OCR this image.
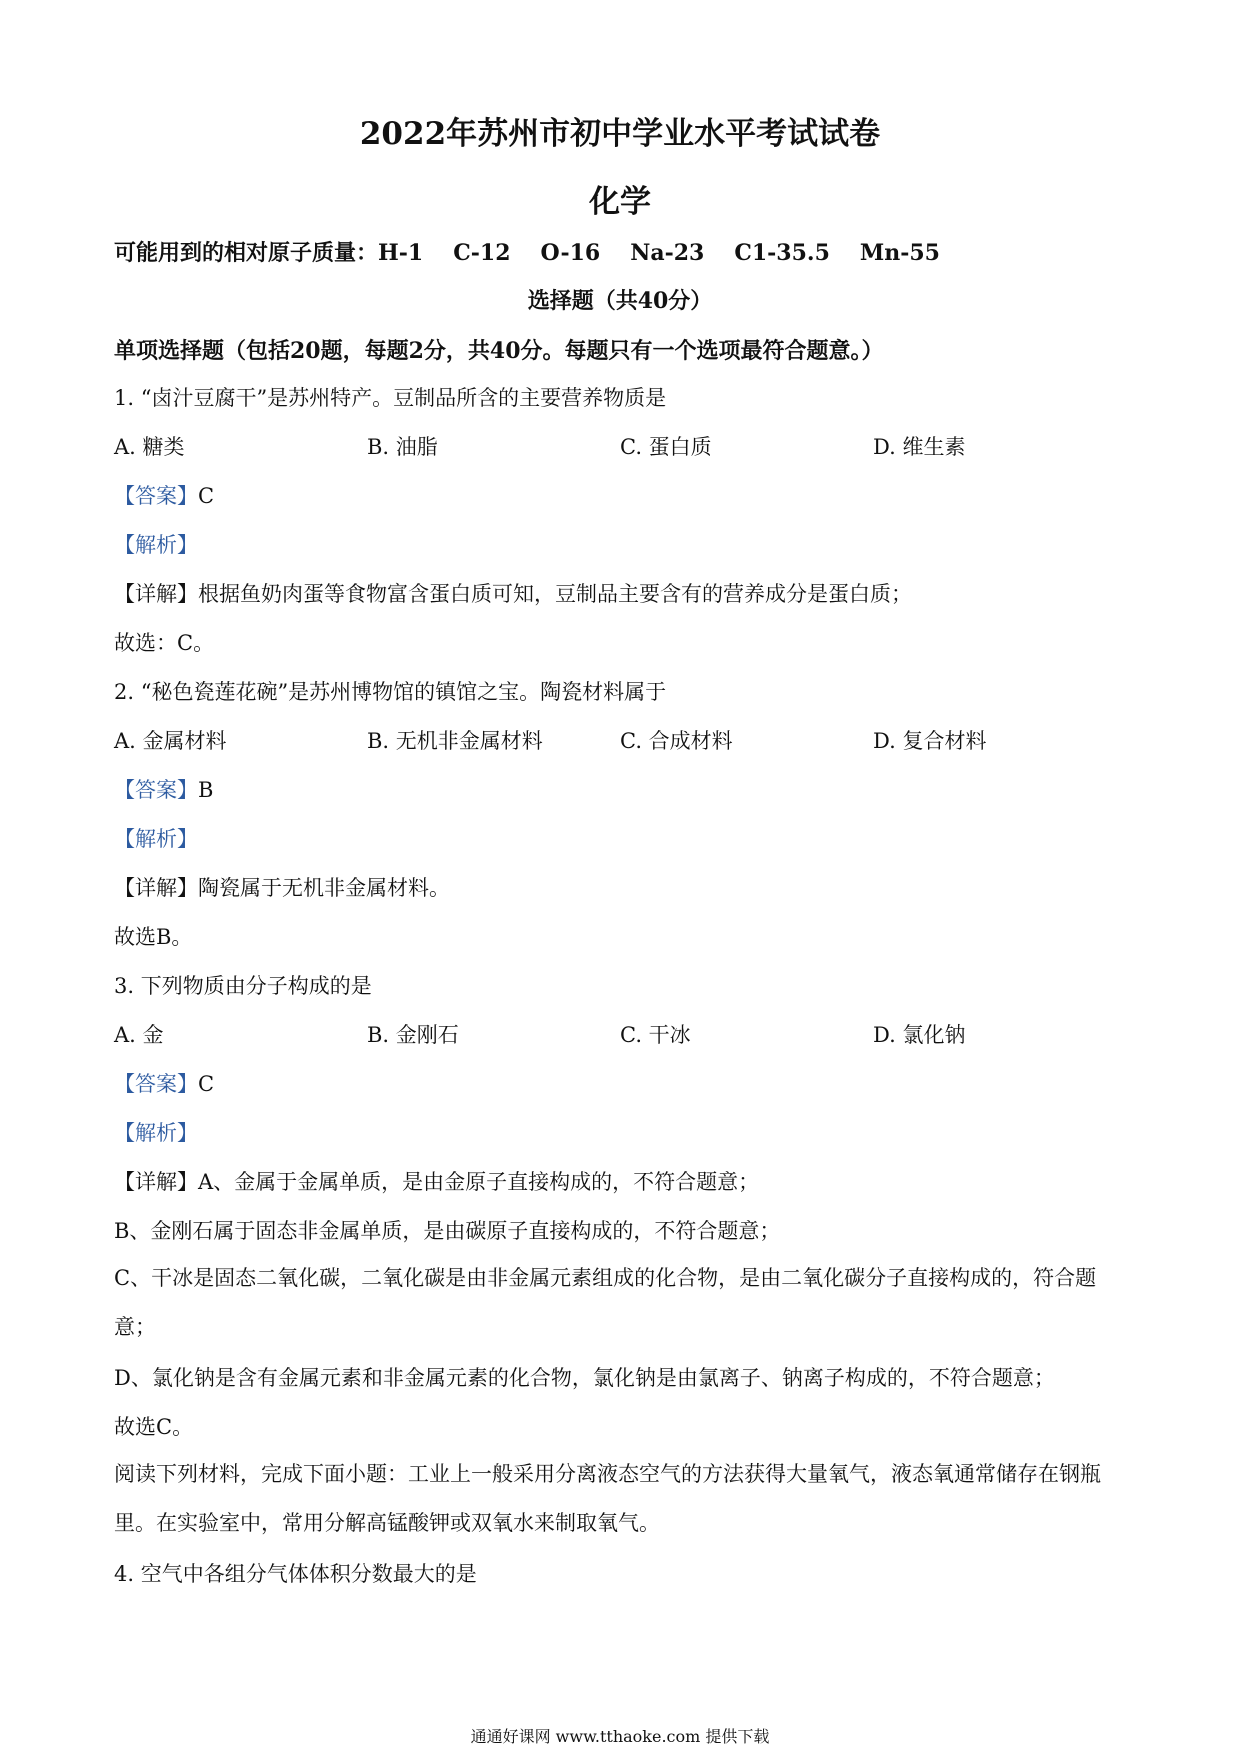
2022年苏州市初中学业水平考试试卷
化学
可能用到的相对原子质量：H-1 C-12 O-16 Na-23 C1-35.5 Mn-55
选择题（共40分）
单项选择题（包括20题，每题2分，共40分。每题只有一个选项最符合题意。）
1. “卤汁豆腐干”是苏州特产。豆制品所含的主要营养物质是
A. 糖类	B. 油脂	C. 蛋白质	D. 维生素
【答案】C
【解析】
【详解】根据鱼奶肉蛋等食物富含蛋白质可知，豆制品主要含有的营养成分是蛋白质；
故选：C。
2. “秘色瓷莲花碗”是苏州博物馆的镇馆之宝。陶瓷材料属于
A. 金属材料	B. 无机非金属材料	C. 合成材料	D. 复合材料
【答案】B
【解析】
【详解】陶瓷属于无机非金属材料。
故选B。
3. 下列物质由分子构成的是
A. 金	B. 金刚石	C. 干冰	D. 氯化钠
【答案】C
【解析】
【详解】A、金属于金属单质，是由金原子直接构成的，不符合题意；
B、金刚石属于固态非金属单质，是由碳原子直接构成的，不符合题意；
C、干冰是固态二氧化碳，二氧化碳是由非金属元素组成的化合物，是由二氧化碳分子直接构成的，符合题意；
D、氯化钠是含有金属元素和非金属元素的化合物，氯化钠是由氯离子、钠离子构成的，不符合题意；
故选C。
阅读下列材料，完成下面小题：工业上一般采用分离液态空气的方法获得大量氧气，液态氧通常储存在钢瓶里。在实验室中，常用分解高锰酸钾或双氧水来制取氧气。
4. 空气中各组分气体体积分数最大的是
通通好课网 www.tthaoke.com 提供下载
